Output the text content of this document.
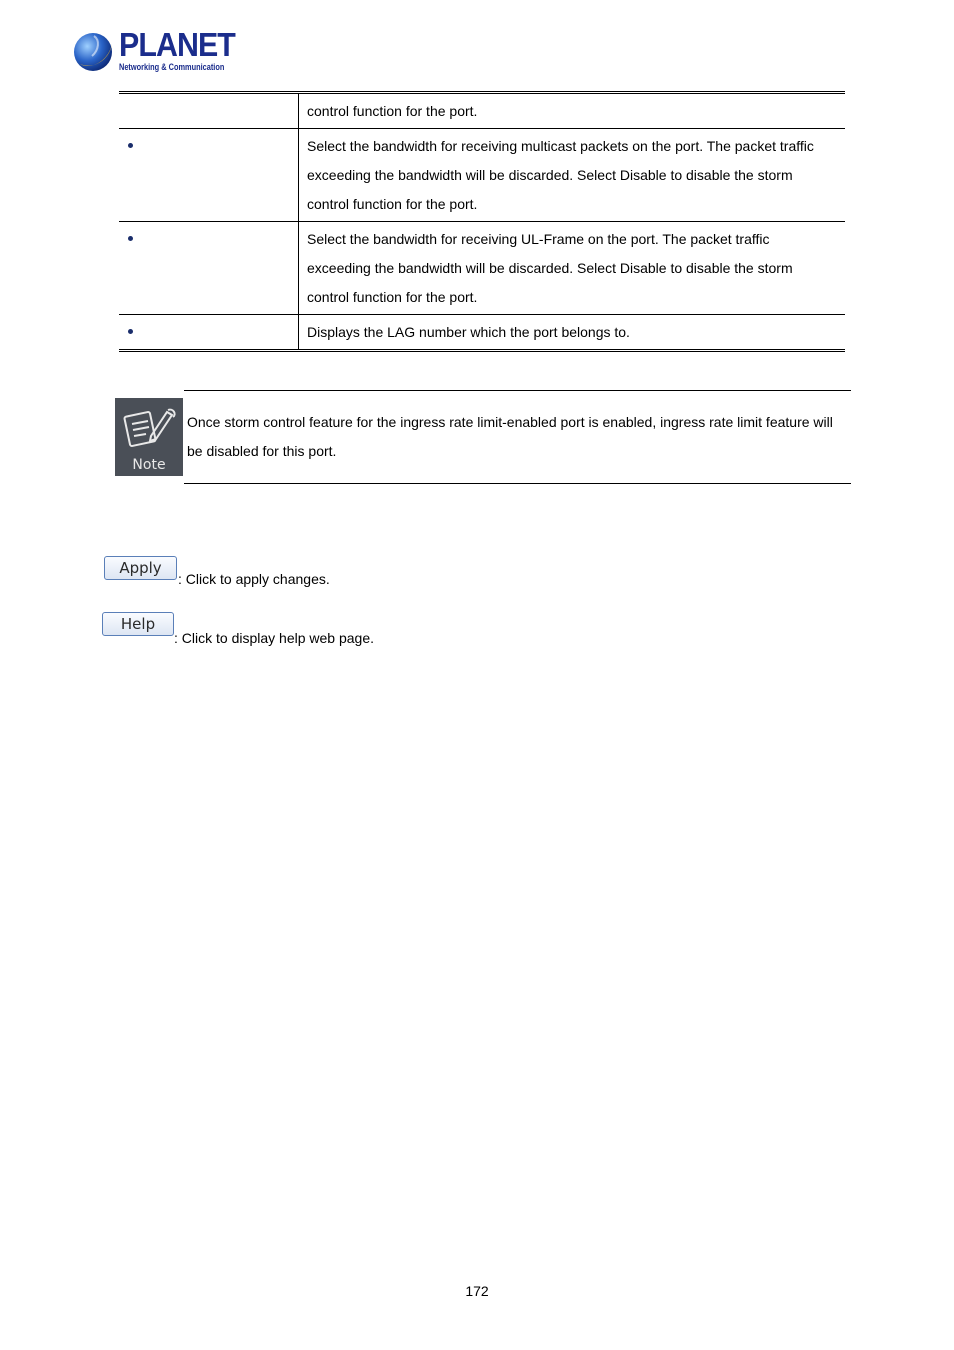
PLANET
Networking & Communication
	control function for the port.

	Select the bandwidth for receiving multicast packets on the port. The packet traffic exceeding the bandwidth will be discarded. Select Disable to disable the storm control function for the port.

	Select the bandwidth for receiving UL-Frame on the port. The packet traffic exceeding the bandwidth will be discarded. Select Disable to disable the storm control function for the port.

	Displays the LAG number which the port belongs to.
Note
Once storm control feature for the ingress rate limit-enabled port is enabled, ingress rate limit feature will be disabled for this port.
Apply
: Click to apply changes.
Help
: Click to display help web page.
172
